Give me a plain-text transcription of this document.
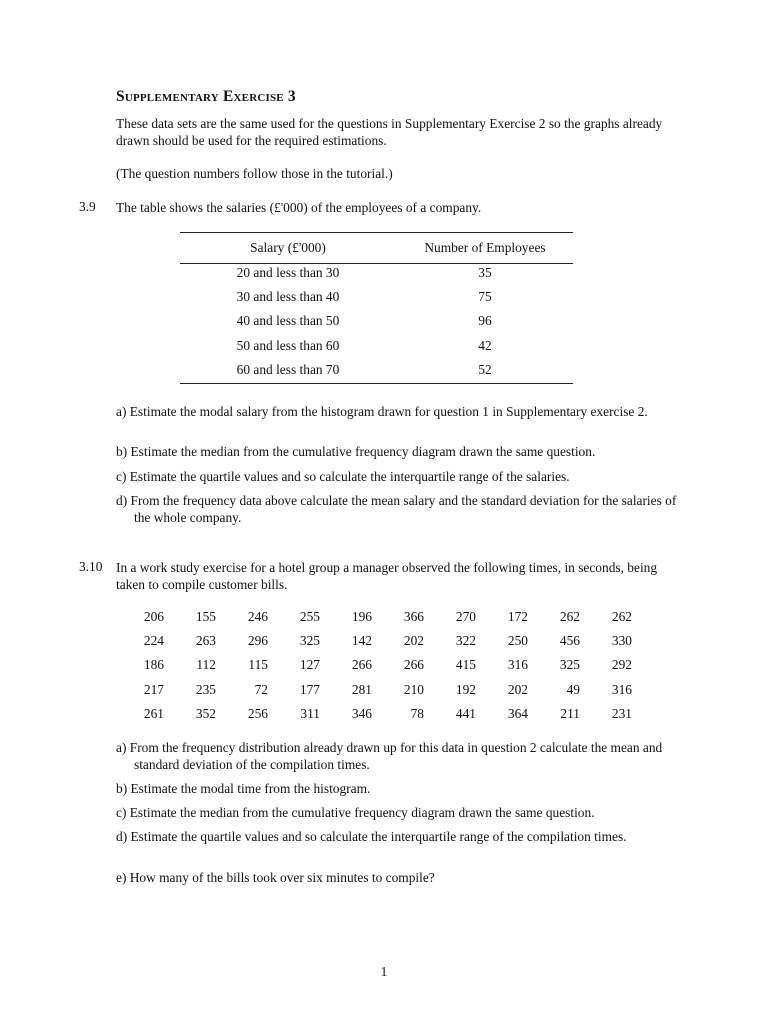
Supplementary Exercise 3
These data sets are the same used for the questions in Supplementary Exercise 2 so the graphs already drawn should be used for the required estimations.
(The question numbers follow those in the tutorial.)
3.9 The table shows the salaries (£'000) of the employees of a company.
Salary (£'000)	Number of Employees
20 and less than 30	35
30 and less than 40	75
40 and less than 50	96
50 and less than 60	42
60 and less than 70	52
a) Estimate the modal salary from the histogram drawn for question 1 in Supplementary exercise 2.
b) Estimate the median from the cumulative frequency diagram drawn the same question.
c) Estimate the quartile values and so calculate the interquartile range of the salaries.
d) From the frequency data above calculate the mean salary and the standard deviation for the salaries of the whole company.
3.10 In a work study exercise for a hotel group a manager observed the following times, in seconds, being taken to compile customer bills.
206	155	246	255	196	366	270	172	262	262
224	263	296	325	142	202	322	250	456	330
186	112	115	127	266	266	415	316	325	292
217	235	72	177	281	210	192	202	49	316
261	352	256	311	346	78	441	364	211	231
a) From the frequency distribution already drawn up for this data in question 2 calculate the mean and standard deviation of the compilation times.
b) Estimate the modal time from the histogram.
c) Estimate the median from the cumulative frequency diagram drawn the same question.
d) Estimate the quartile values and so calculate the interquartile range of the compilation times.
e) How many of the bills took over six minutes to compile?
1
